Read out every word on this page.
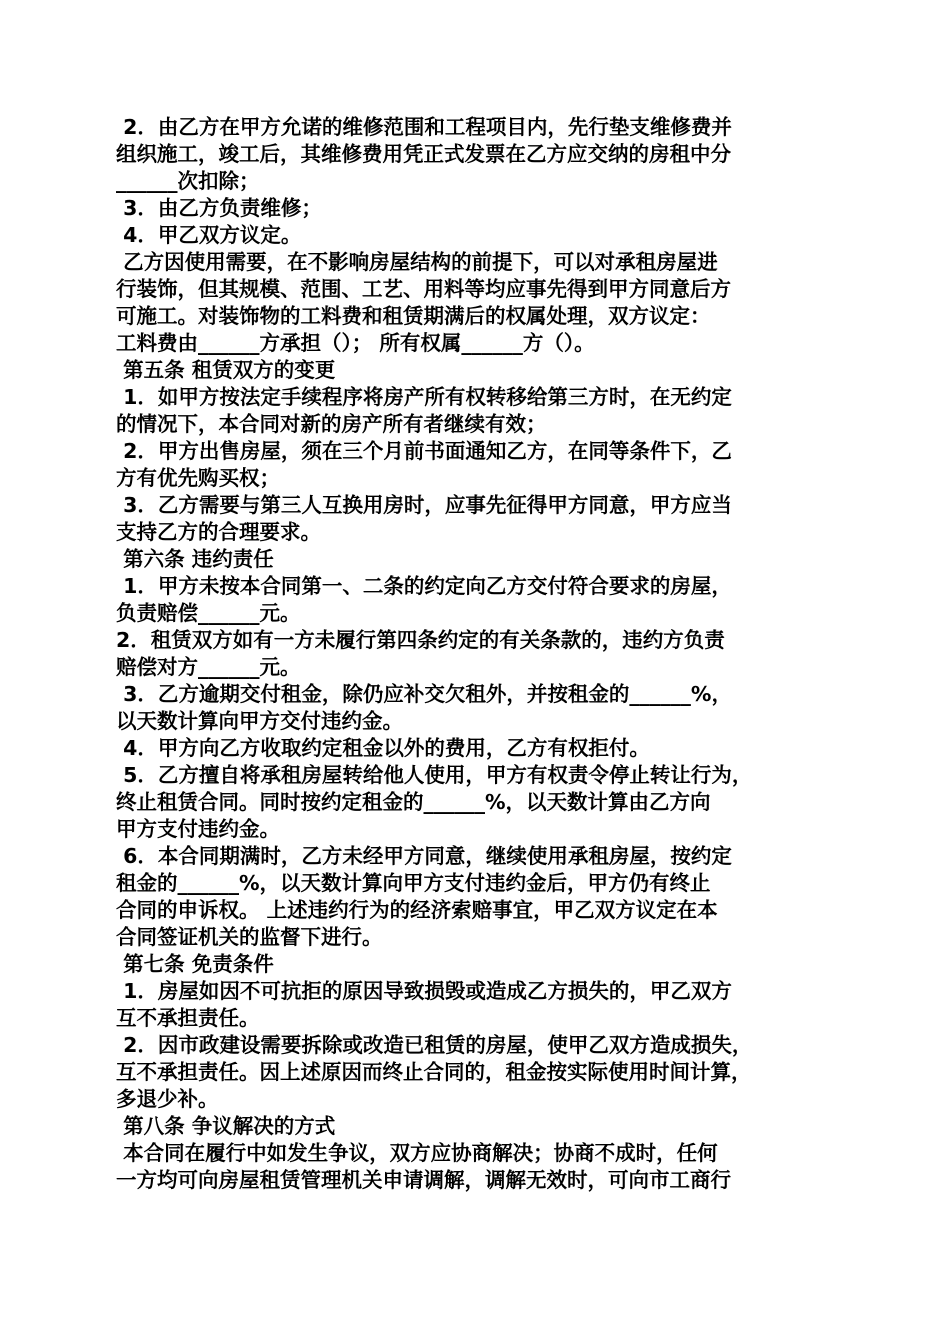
2．由乙方在甲方允诺的维修范围和工程项目内，先行垫支维修费并
组织施工，竣工后，其维修费用凭正式发票在乙方应交纳的房租中分
______次扣除；
3．由乙方负责维修；
4．甲乙双方议定。
乙方因使用需要，在不影响房屋结构的前提下，可以对承租房屋进
行装饰，但其规模、范围、工艺、用料等均应事先得到甲方同意后方
可施工。对装饰物的工料费和租赁期满后的权属处理，双方议定：
工料费由______方承担（）； 所有权属______方（）。
第五条 租赁双方的变更
1．如甲方按法定手续程序将房产所有权转移给第三方时，在无约定
的情况下，本合同对新的房产所有者继续有效；
2．甲方出售房屋，须在三个月前书面通知乙方，在同等条件下，乙
方有优先购买权；
3．乙方需要与第三人互换用房时，应事先征得甲方同意，甲方应当
支持乙方的合理要求。
第六条 违约责任
1．甲方未按本合同第一、二条的约定向乙方交付符合要求的房屋，
负责赔偿______元。
2．租赁双方如有一方未履行第四条约定的有关条款的，违约方负责
赔偿对方______元。
3．乙方逾期交付租金，除仍应补交欠租外，并按租金的______%，
以天数计算向甲方交付违约金。
4．甲方向乙方收取约定租金以外的费用，乙方有权拒付。
5．乙方擅自将承租房屋转给他人使用，甲方有权责令停止转让行为，
终止租赁合同。同时按约定租金的______%，以天数计算由乙方向
甲方支付违约金。
6．本合同期满时，乙方未经甲方同意，继续使用承租房屋，按约定
租金的______%，以天数计算向甲方支付违约金后，甲方仍有终止
合同的申诉权。 上述违约行为的经济索赔事宜，甲乙双方议定在本
合同签证机关的监督下进行。
第七条 免责条件
1．房屋如因不可抗拒的原因导致损毁或造成乙方损失的，甲乙双方
互不承担责任。
2．因市政建设需要拆除或改造已租赁的房屋，使甲乙双方造成损失，
互不承担责任。因上述原因而终止合同的，租金按实际使用时间计算，
多退少补。
第八条 争议解决的方式
本合同在履行中如发生争议，双方应协商解决；协商不成时，任何
一方均可向房屋租赁管理机关申请调解，调解无效时，可向市工商行
